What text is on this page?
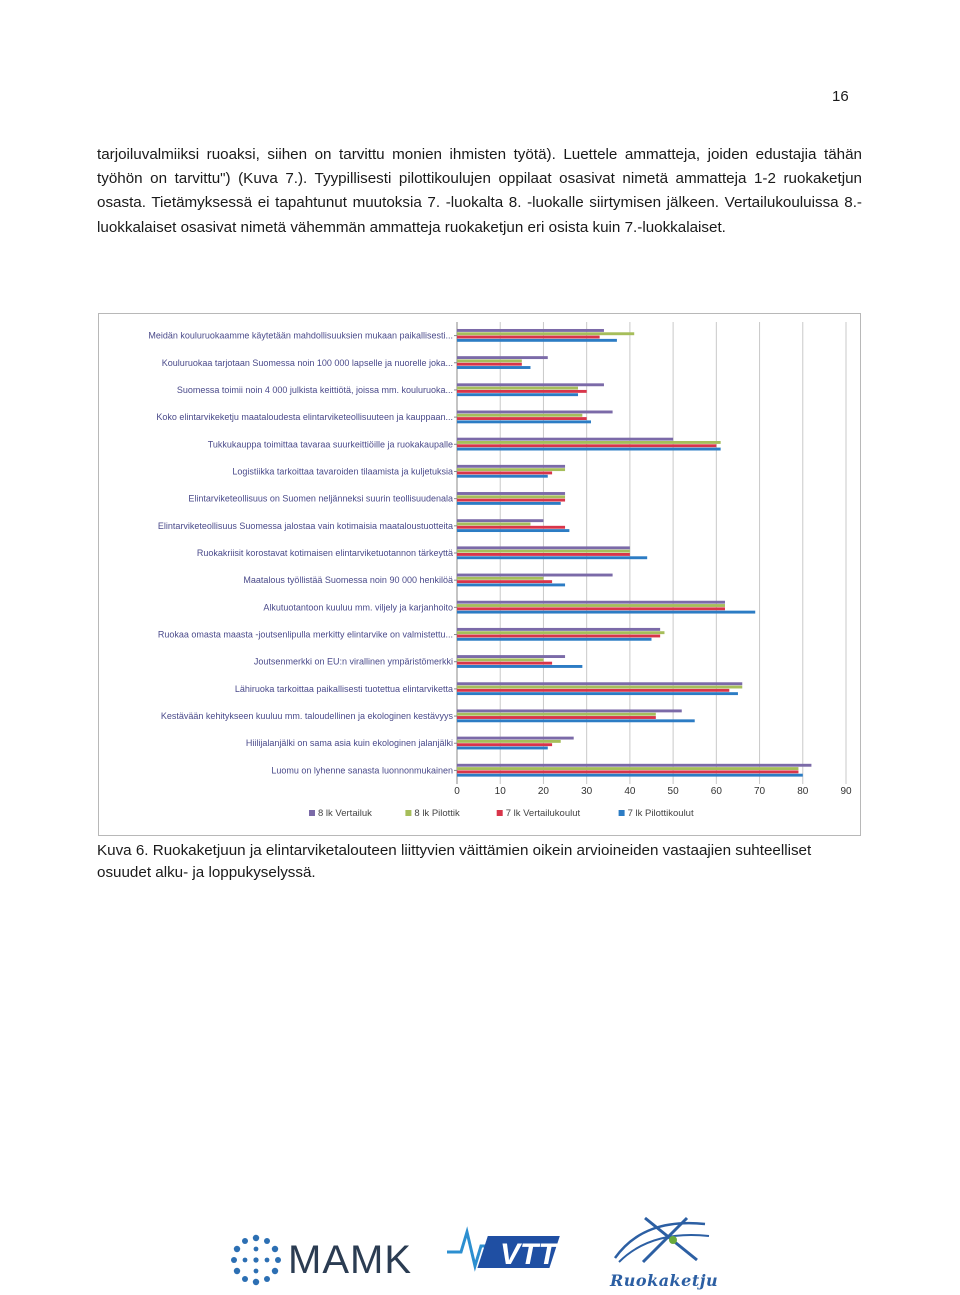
16

tarjoiluvalmiiksi ruoaksi, siihen on tarvittu monien ihmisten työtä). Luettele ammatteja, joiden edustajia tähän työhön on tarvittu") (Kuva 7.). Tyypillisesti pilottikoulujen oppilaat osasivat nimetä ammatteja 1-2 ruokaketjun osasta. Tietämyksessä ei tapahtunut muutoksia 7. -luokalta 8. -luokalle siirtymisen jälkeen. Vertailukouluissa 8.-luokkalaiset osasivat nimetä vähemmän ammatteja ruokaketjun eri osista kuin 7.-luokkalaiset.

Meidän kouluruokaamme käytetään mahdollisuuksien mukaan paikallisesti...
Kouluruokaa tarjotaan Suomessa noin 100 000 lapselle ja nuorelle joka...
Suomessa toimii noin 4 000 julkista keittiötä, joissa mm. kouluruoka...
Koko elintarvikeketju maataloudesta elintarviketeollisuuteen ja kauppaan...
Tukkukauppa toimittaa tavaraa suurkeittiöille ja ruokakaupalle
Logistiikka tarkoittaa tavaroiden tilaamista ja kuljetuksia
Elintarviketeollisuus on Suomen neljänneksi suurin teollisuudenala
Elintarviketeollisuus Suomessa jalostaa vain kotimaisia maataloustuotteita
Ruokakriisit korostavat kotimaisen elintarviketuotannon tärkeyttä
Maatalous työllistää Suomessa noin 90 000 henkilöä
Alkutuotantoon kuuluu mm. viljely ja karjanhoito
Ruokaa omasta maasta -joutsenlipulla merkitty elintarvike on valmistettu...
Joutsenmerkki on EU:n virallinen ympäristömerkki
Lähiruoka tarkoittaa paikallisesti tuotettua elintarviketta
Kestävään kehitykseen kuuluu mm. taloudellinen ja ekologinen kestävyys
Hiilijalanjälki on sama asia kuin ekologinen jalanjälki
Luomu on lyhenne sanasta luonnonmukainen
0	10	20	30	40	50	60	70	80	90
8 lk Vertailuk	8 lk Pilottik	7 lk Vertailukoulut	7 lk Pilottikoulut

Kuva 6. Ruokaketjuun ja elintarviketalouteen liittyvien väittämien oikein arvioineiden vastaajien suhteelliset osuudet alku- ja loppukyselyssä.

MAMK	VTT
Ruokaketju
